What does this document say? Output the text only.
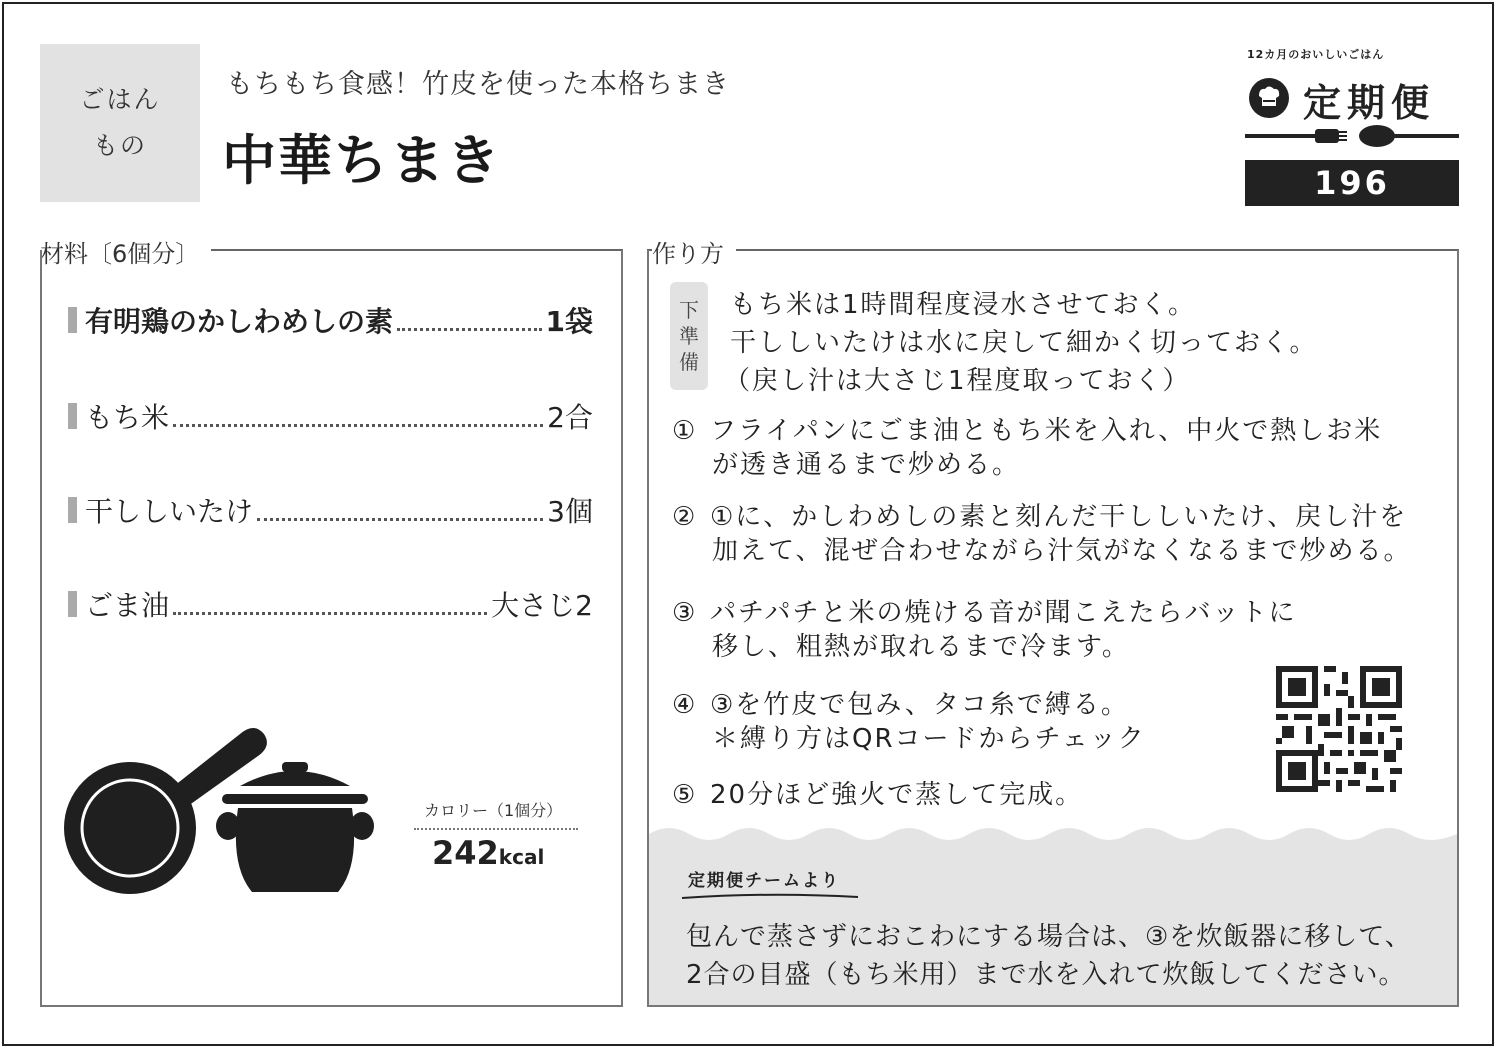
ごはん
もの
もちもち食感！竹皮を使った本格ちまき
中華ちまき
12カ月のおいしいごはん
定期便
196
材料〔6個分〕	作り方
有明鶏のかしわめしの素	1袋
もち米	2合
干ししいたけ	3個
ごま油	大さじ2
カロリー（1個分）
242kcal
下
準
備
もち米は1時間程度浸水させておく。
干ししいたけは水に戻して細かく切っておく。
（戻し汁は大さじ1程度取っておく）
① フライパンにごま油ともち米を入れ、中火で熱しお米
が透き通るまで炒める。
② ①に、かしわめしの素と刻んだ干ししいたけ、戻し汁を
加えて、混ぜ合わせながら汁気がなくなるまで炒める。
③ パチパチと米の焼ける音が聞こえたらバットに
移し、粗熱が取れるまで冷ます。
④ ③を竹皮で包み、タコ糸で縛る。
＊縛り方はQRコードからチェック
⑤ 20分ほど強火で蒸して完成。
定期便チームより
包んで蒸さずにおこわにする場合は、③を炊飯器に移して、
2合の目盛（もち米用）まで水を入れて炊飯してください。
